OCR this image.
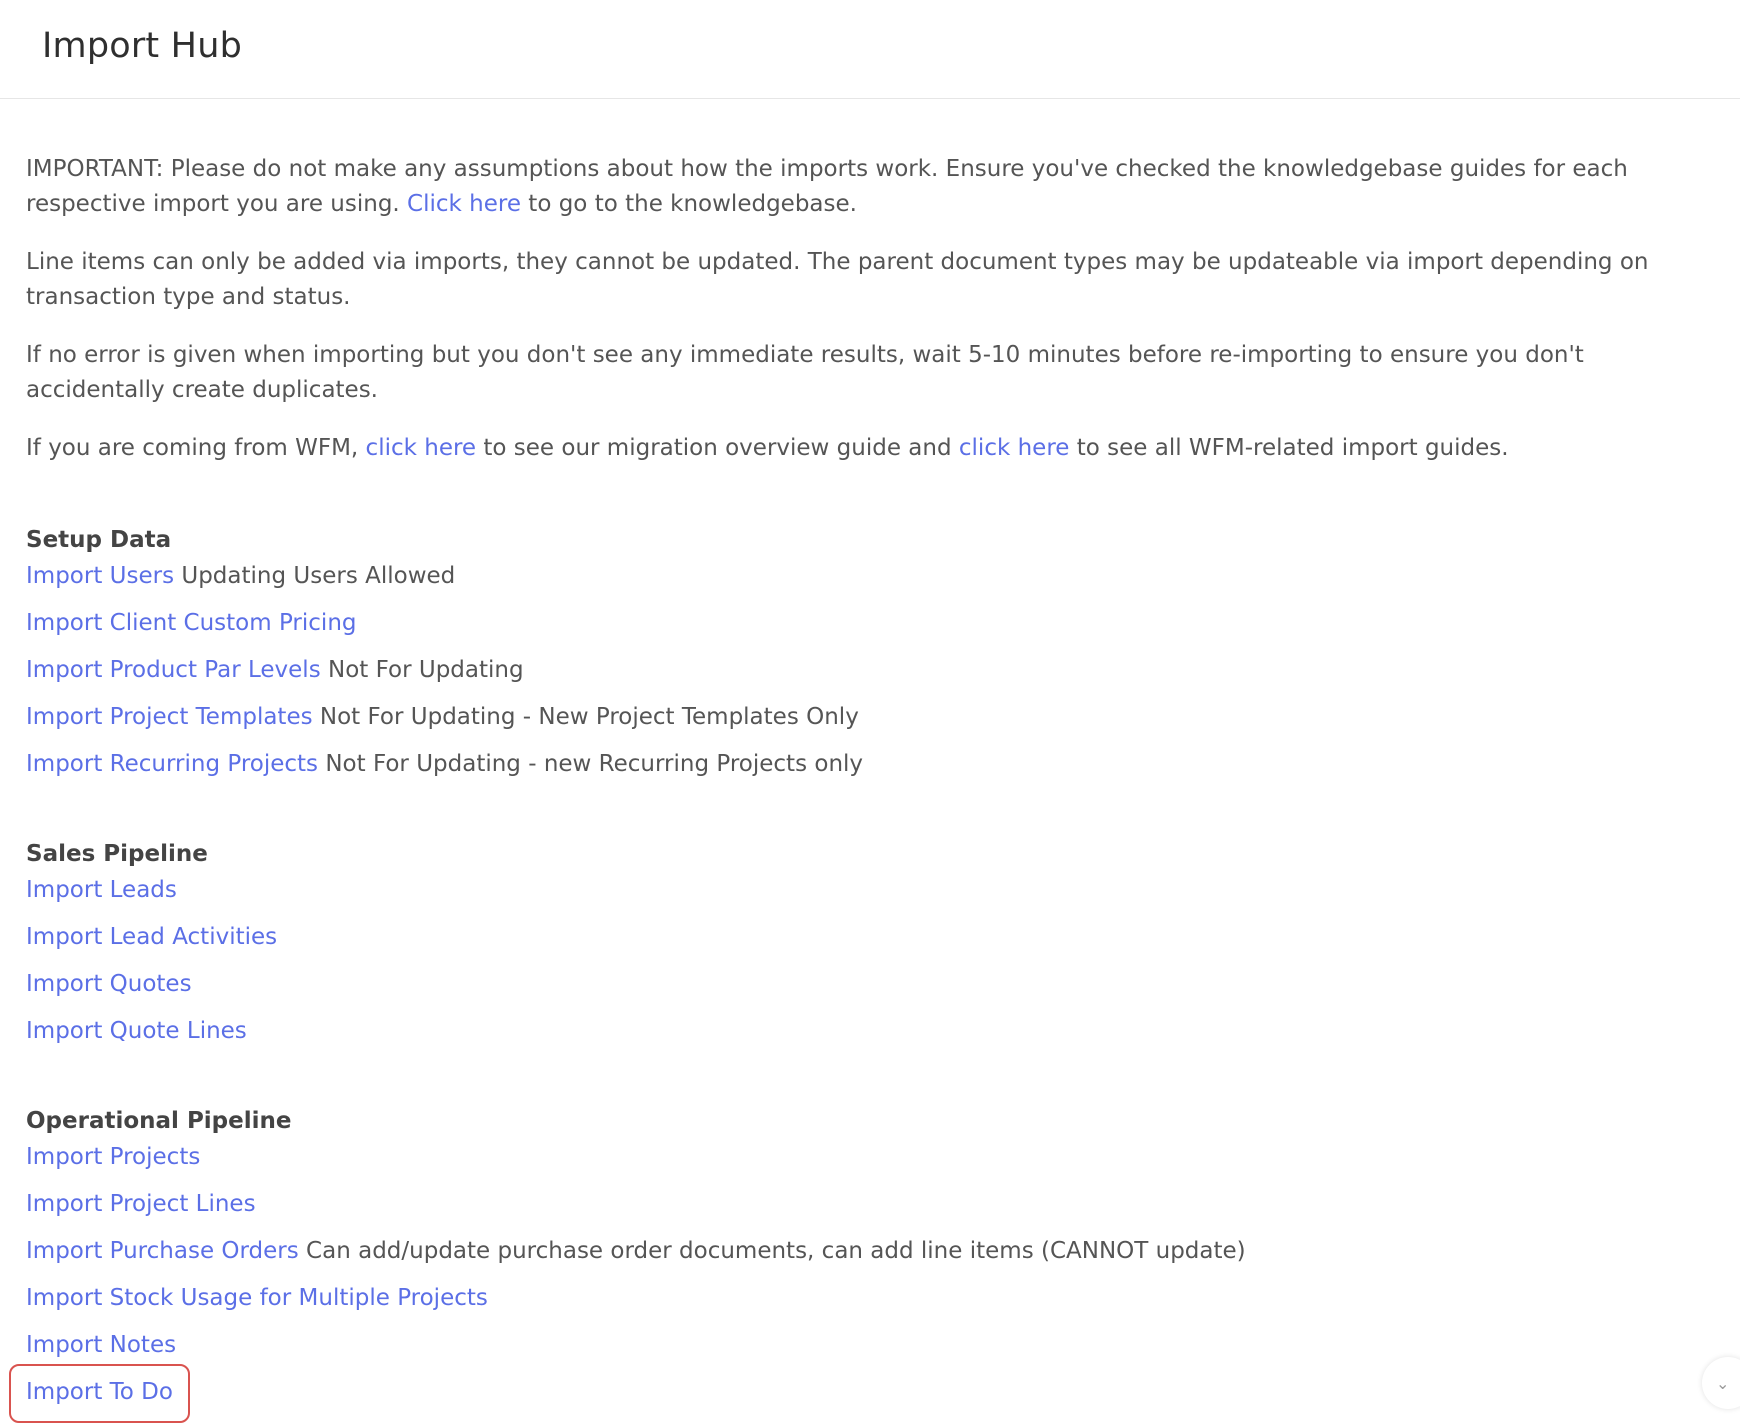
Import Hub

IMPORTANT: Please do not make any assumptions about how the imports work. Ensure you've checked the knowledgebase guides for each respective import you are using. Click here to go to the knowledgebase.

Line items can only be added via imports, they cannot be updated. The parent document types may be updateable via import depending on transaction type and status.

If no error is given when importing but you don't see any immediate results, wait 5-10 minutes before re-importing to ensure you don't accidentally create duplicates.

If you are coming from WFM, click here to see our migration overview guide and click here to see all WFM-related import guides.

Setup Data
Import Users Updating Users Allowed
Import Client Custom Pricing
Import Product Par Levels Not For Updating
Import Project Templates Not For Updating - New Project Templates Only
Import Recurring Projects Not For Updating - new Recurring Projects only
Sales Pipeline
Import Leads
Import Lead Activities
Import Quotes
Import Quote Lines
Operational Pipeline
Import Projects
Import Project Lines
Import Purchase Orders Can add/update purchase order documents, can add line items (CANNOT update)
Import Stock Usage for Multiple Projects
Import Notes
Import To Do	⌄
